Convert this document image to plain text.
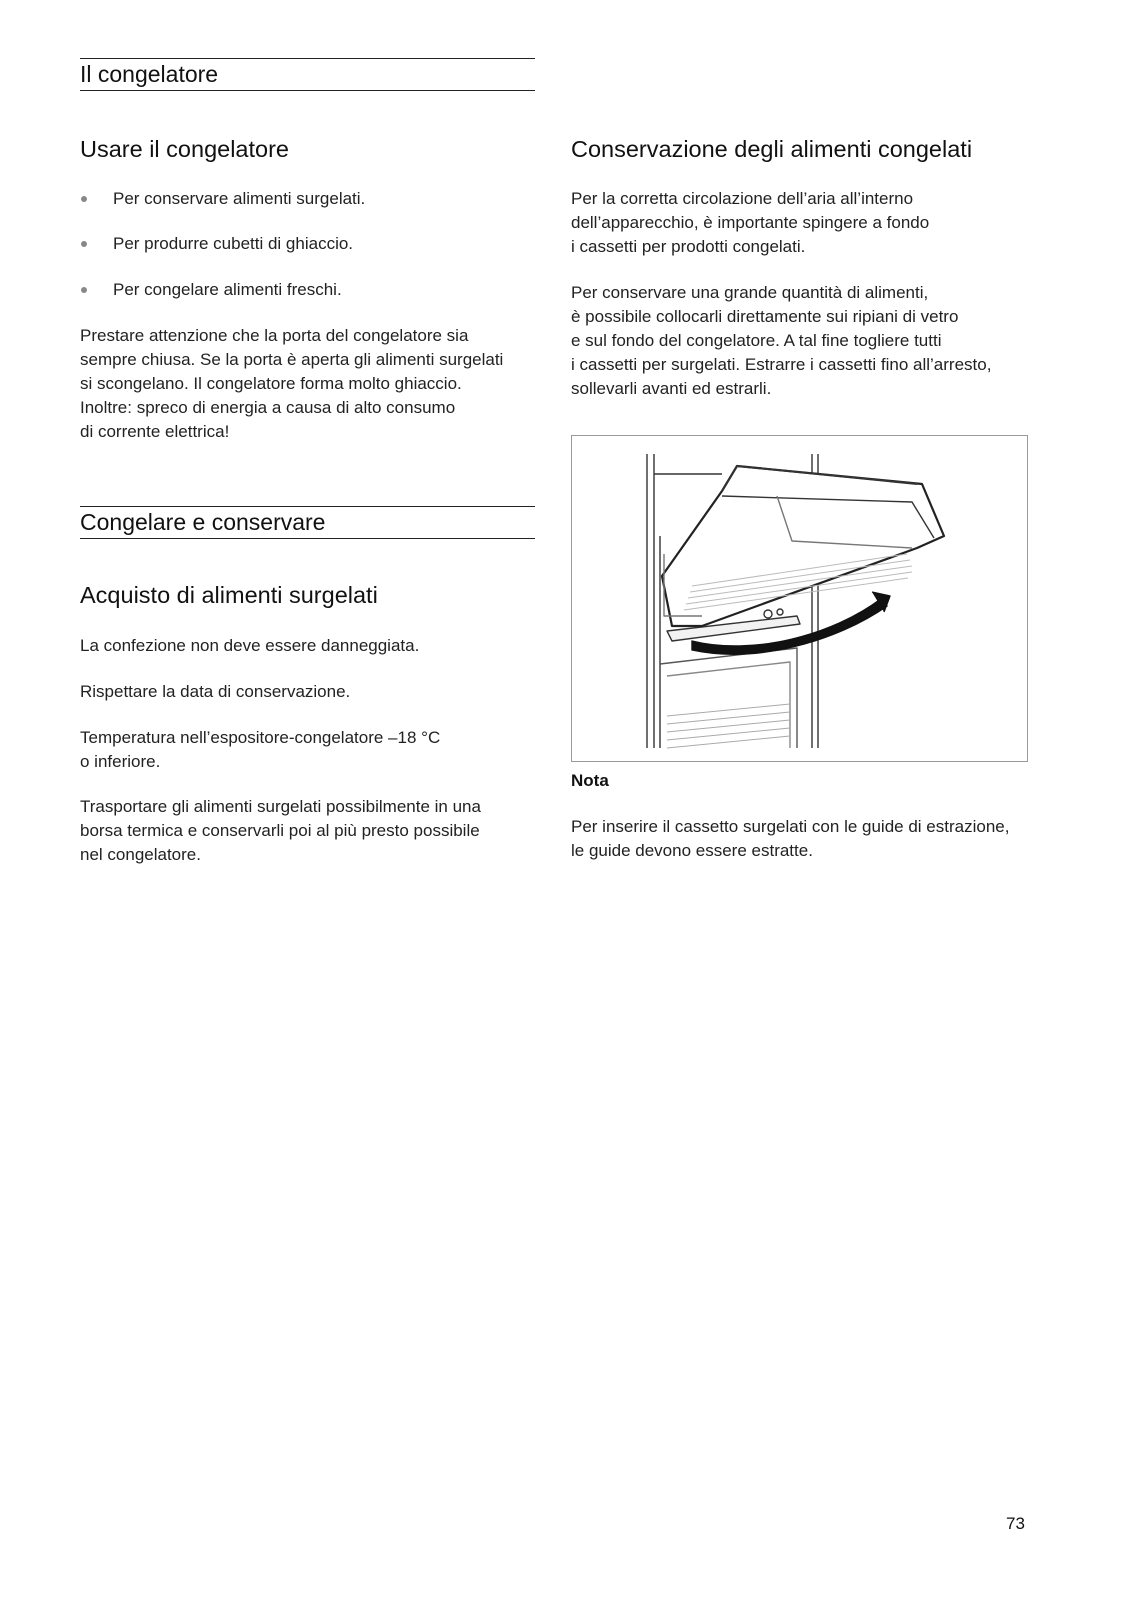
Il congelatore
Usare il congelatore
Per conservare alimenti surgelati.
Per produrre cubetti di ghiaccio.
Per congelare alimenti freschi.

Prestare attenzione che la porta del congelatore sia

sempre chiusa. Se la porta è aperta gli alimenti surgelati

si scongelano. Il congelatore forma molto ghiaccio.

Inoltre: spreco di energia a causa di alto consumo

di corrente elettrica!

Congelare e conservare
Acquisto di alimenti surgelati

La confezione non deve essere danneggiata.

Rispettare la data di conservazione.

Temperatura nell’espositore-congelatore –18 °C

o inferiore.

Trasportare gli alimenti surgelati possibilmente in una

borsa termica e conservarli poi al più presto possibile

nel congelatore.

Conservazione degli alimenti congelati

Per la corretta circolazione dell’aria all’interno

dell’apparecchio, è importante spingere a fondo

i cassetti per prodotti congelati.

Per conservare una grande quantità di alimenti,

è possibile collocarli direttamente sui ripiani di vetro

e sul fondo del congelatore. A tal fine togliere tutti

i cassetti per surgelati. Estrarre i cassetti fino all’arresto,

sollevarli avanti ed estrarli.

Nota

Per inserire il cassetto surgelati con le guide di estrazione,

le guide devono essere estratte.

73
